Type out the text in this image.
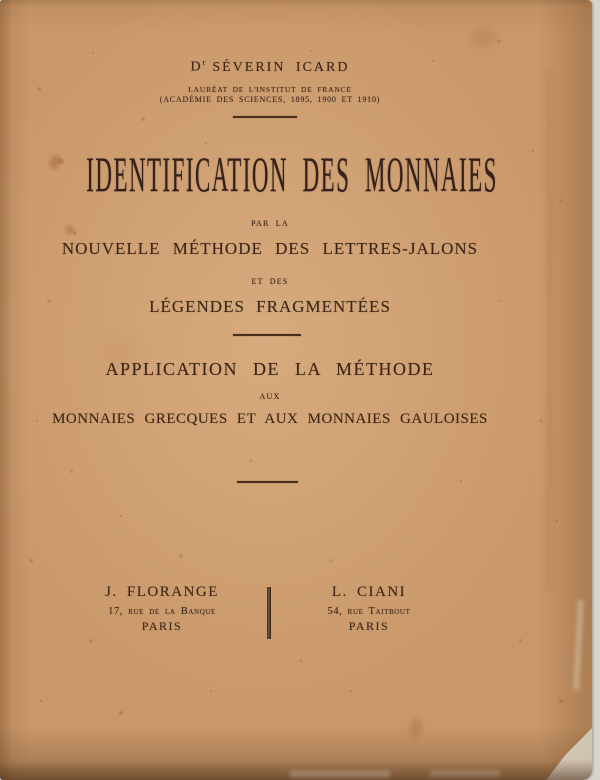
$D^r$ SÉVERIN ICARD
LAURÉAT DE L'INSTITUT DE FRANCE
(ACADÉMIE DES SCIENCES, 1895, 1900 ET 1910)
IDENTIFICATION DES MONNAIES
PAR LA
NOUVELLE MÉTHODE DES LETTRES-JALONS
ET DES
LÉGENDES FRAGMENTÉES
APPLICATION DE LA MÉTHODE
AUX
MONNAIES GRECQUES ET AUX MONNAIES GAULOISES
J. FLORANGE
17, rue de la Banque
PARIS
L. CIANI
54, rue Taitbout
PARIS
